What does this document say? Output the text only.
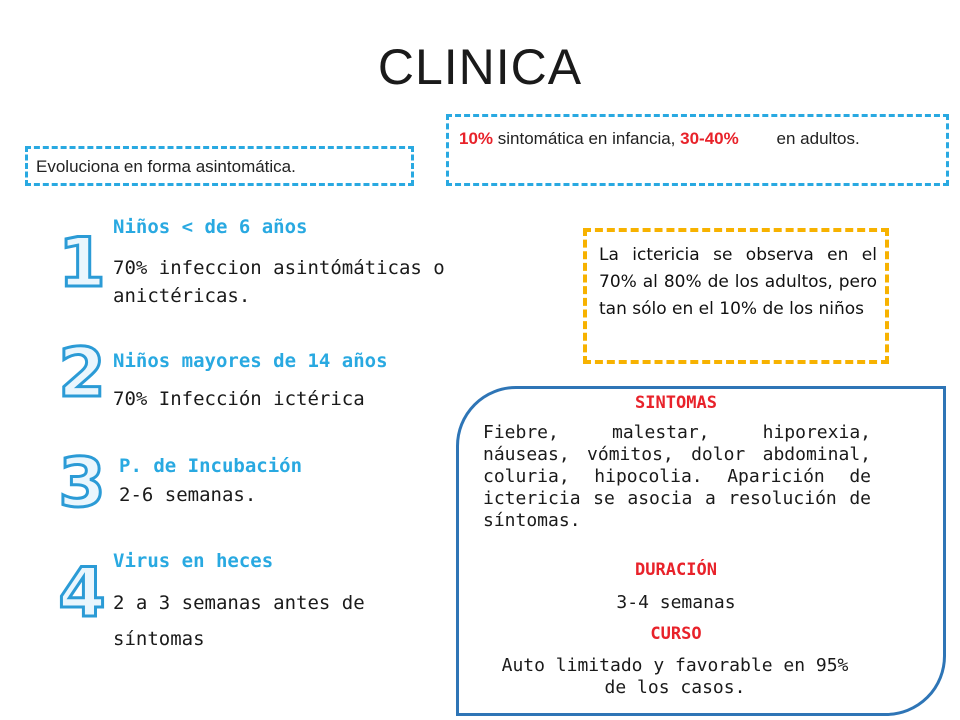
CLINICA
Evoluciona en forma asintomática.
10% sintomática en infancia, 30-40%        en adultos.
1 Niños < de 6 años
70% infeccion asintómáticas o anictéricas.
2 Niños mayores de 14 años
70% Infección ictérica
3 P. de Incubación
2-6 semanas.
4 Virus en heces
2 a 3 semanas antes de síntomas
La ictericia se observa en el 70% al 80% de los adultos, pero tan sólo en el 10% de los niños
SINTOMAS
Fiebre, malestar, hiporexia, náuseas, vómitos, dolor abdominal, coluria, hipocolia. Aparición de ictericia se asocia a resolución de síntomas.
DURACIÓN
3-4 semanas
CURSO
Auto limitado y favorable en 95% de los casos.
